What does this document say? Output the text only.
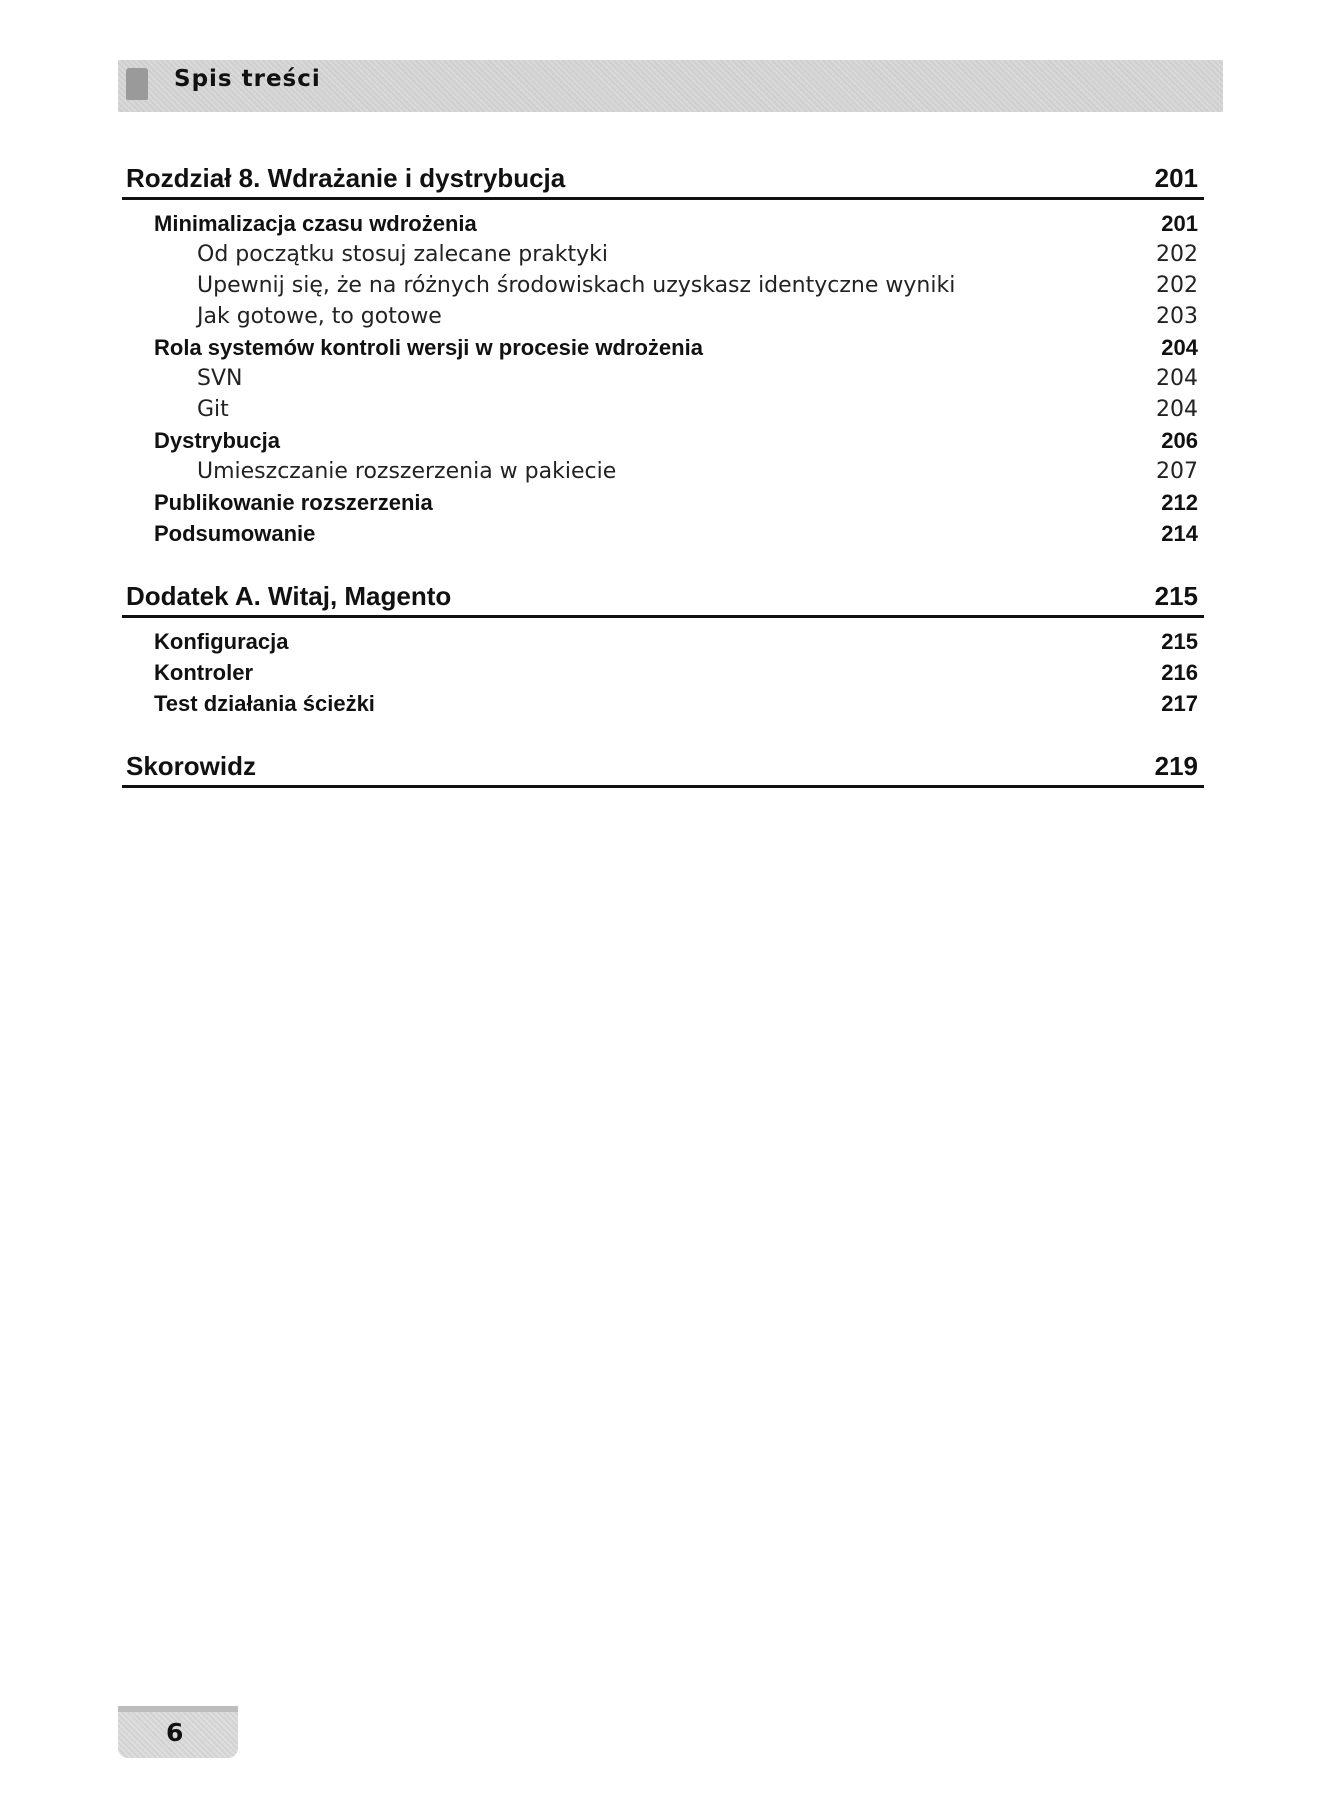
Spis treści
Rozdział 8. Wdrażanie i dystrybucja	201
Minimalizacja czasu wdrożenia	201
Od początku stosuj zalecane praktyki	202
Upewnij się, że na różnych środowiskach uzyskasz identyczne wyniki	202
Jak gotowe, to gotowe	203
Rola systemów kontroli wersji w procesie wdrożenia	204
SVN	204
Git	204
Dystrybucja	206
Umieszczanie rozszerzenia w pakiecie	207
Publikowanie rozszerzenia	212
Podsumowanie	214
Dodatek A. Witaj, Magento	215
Konfiguracja	215
Kontroler	216
Test działania ścieżki	217
Skorowidz	219
6
